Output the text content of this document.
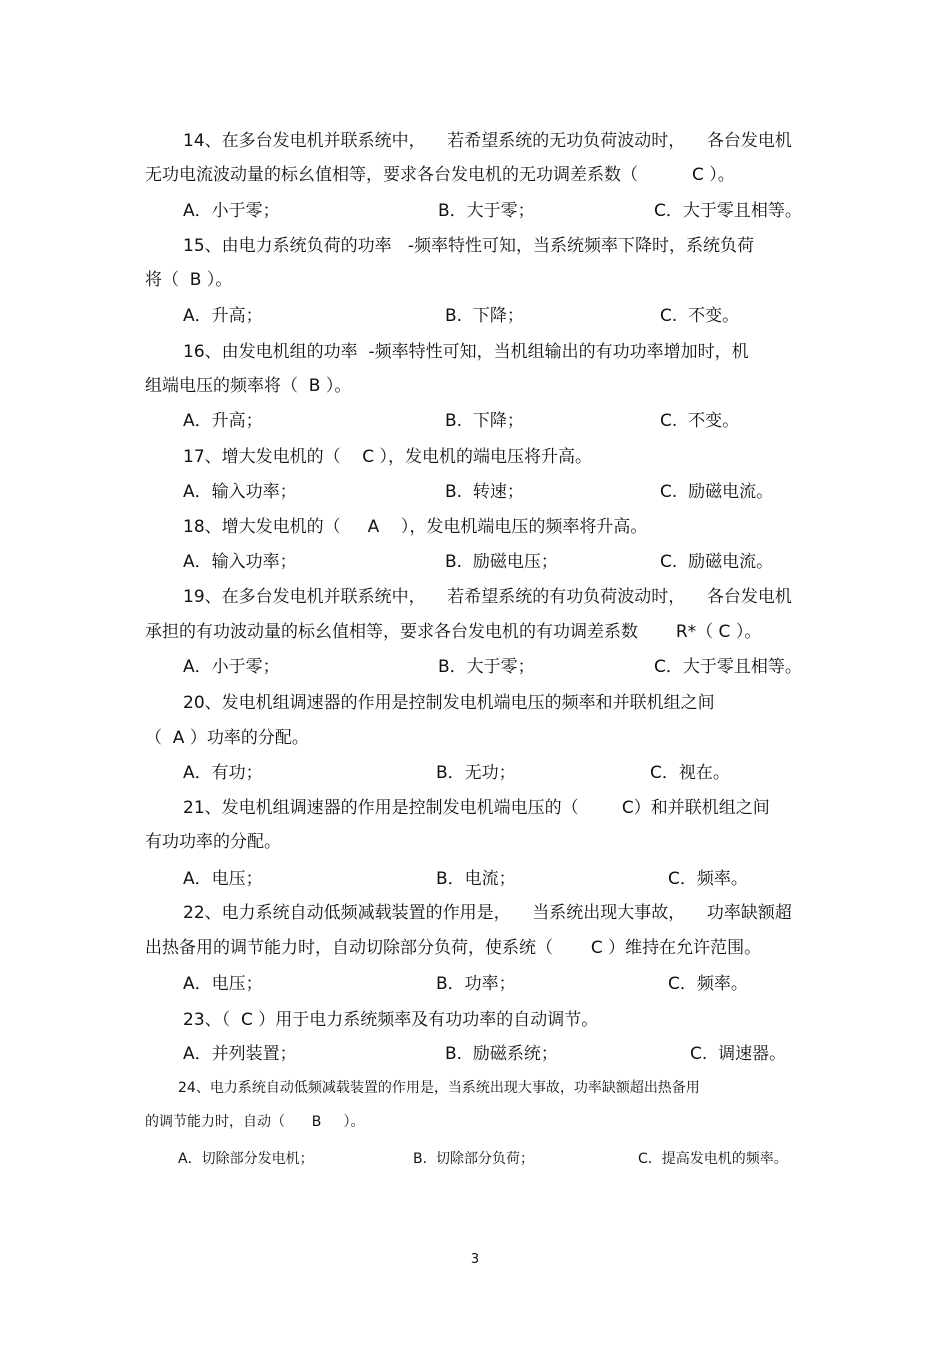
14、在多台发电机并联系统中，    若希望系统的无功负荷波动时，    各台发电机
无功电流波动量的标幺值相等，要求各台发电机的无功调差系数（          C ）。
A．小于零；	B．大于零；	C．大于零且相等。
15、由电力系统负荷的功率   -频率特性可知，当系统频率下降时，系统负荷
将（  B ）。
A．升高；	B.  下降；	C.  不变。
16、由发电机组的功率  -频率特性可知，当机组输出的有功功率增加时，机
组端电压的频率将（  B ）。
A．升高；	B.  下降；	C.  不变。
17、增大发电机的（    C ），发电机的端电压将升高。
A．输入功率；	B.  转速；	C.  励磁电流。
18、增大发电机的（     A    ），发电机端电压的频率将升高。
A．输入功率；	B.  励磁电压；	C.  励磁电流。
19、在多台发电机并联系统中，    若希望系统的有功负荷波动时，    各台发电机
承担的有功波动量的标幺值相等，要求各台发电机的有功调差系数       R*（ C ）。
A．小于零；	B．大于零；	C．大于零且相等。
20、发电机组调速器的作用是控制发电机端电压的频率和并联机组之间
（  A ）功率的分配。
A．有功；	B．无功；	C．视在。
21、发电机组调速器的作用是控制发电机端电压的（        C）和并联机组之间
有功功率的分配。
A．电压；	B．电流；	C．频率。
22、电力系统自动低频减载装置的作用是，    当系统出现大事故，    功率缺额超
出热备用的调节能力时，自动切除部分负荷，使系统（       C ）维持在允许范围。
A．电压；	B．功率；	C．频率。
23、（  C ）用于电力系统频率及有功功率的自动调节。
A．并列装置；	B.  励磁系统；	C.  调速器。
24、电力系统自动低频减载装置的作用是，当系统出现大事故，功率缺额超出热备用
的调节能力时，自动（      B     ）。
A．切除部分发电机；	B.  切除部分负荷；	C．提高发电机的频率。
3
